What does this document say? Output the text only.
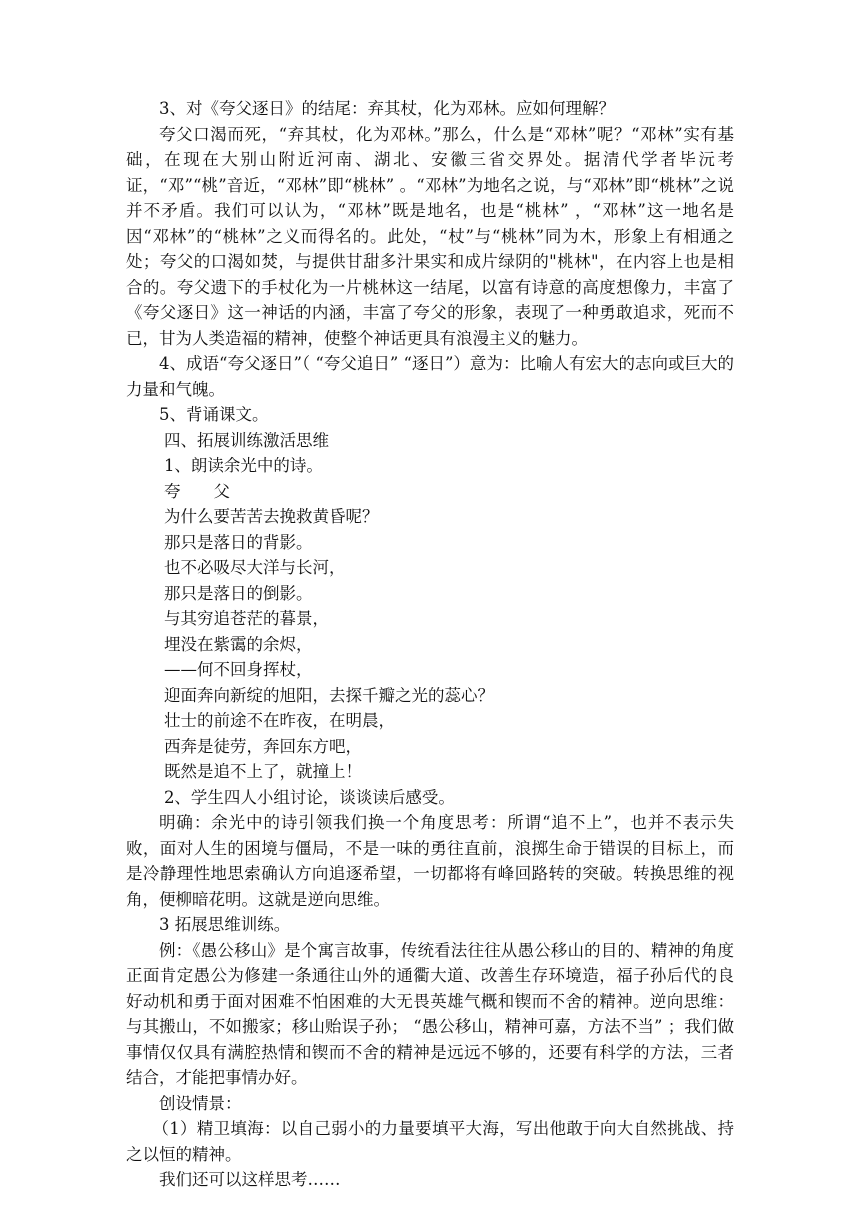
3、对《夸父逐日》的结尾：弃其杖，化为邓林。应如何理解？

夸父口渴而死，“弃其杖，化为邓林。”那么，什么是“邓林”呢？“邓林”实有基础，在现在大别山附近河南、湖北、安徽三省交界处。据清代学者毕沅考证，“邓”“桃”音近，“邓林”即“桃林” 。“邓林”为地名之说，与“邓林”即“桃林”之说并不矛盾。我们可以认为，“邓林”既是地名，也是“桃林” ，“邓林”这一地名是因“邓林”的“桃林”之义而得名的。此处，“杖”与“桃林”同为木，形象上有相通之处；夸父的口渴如焚，与提供甘甜多汁果实和成片绿阴的"桃林"，在内容上也是相合的。夸父遗下的手杖化为一片桃林这一结尾，以富有诗意的高度想像力，丰富了《夸父逐日》这一神话的内涵，丰富了夸父的形象，表现了一种勇敢追求，死而不已，甘为人类造福的精神，使整个神话更具有浪漫主义的魅力。

4、成语“夸父逐日”（ “夸父追日” “逐日”）意为：比喻人有宏大的志向或巨大的力量和气魄。

5、背诵课文。

四、拓展训练激活思维

1、朗读余光中的诗。

夸　　父

为什么要苦苦去挽救黄昏呢？

那只是落日的背影。

也不必吸尽大洋与长河，

那只是落日的倒影。

与其穷追苍茫的暮景，

埋没在紫霭的余烬，

——何不回身挥杖，

迎面奔向新绽的旭阳，去探千瓣之光的蕊心？

壮士的前途不在昨夜，在明晨，

西奔是徒劳，奔回东方吧，

既然是追不上了，就撞上！

2、学生四人小组讨论，谈谈读后感受。

明确：余光中的诗引领我们换一个角度思考：所谓“追不上”，也并不表示失败，面对人生的困境与僵局，不是一味的勇往直前，浪掷生命于错误的目标上，而是冷静理性地思索确认方向追逐希望，一切都将有峰回路转的突破。转换思维的视角，便柳暗花明。这就是逆向思维。

3 拓展思维训练。

例：《愚公移山》是个寓言故事，传统看法往往从愚公移山的目的、精神的角度正面肯定愚公为修建一条通往山外的通衢大道、改善生存环境造，福子孙后代的良好动机和勇于面对困难不怕困难的大无畏英雄气概和锲而不舍的精神。逆向思维：与其搬山，不如搬家；移山贻误子孙； “愚公移山，精神可嘉，方法不当” ；我们做事情仅仅具有满腔热情和锲而不舍的精神是远远不够的，还要有科学的方法，三者结合，才能把事情办好。

创设情景：

（1）精卫填海：以自己弱小的力量要填平大海，写出他敢于向大自然挑战、持之以恒的精神。

我们还可以这样思考……
